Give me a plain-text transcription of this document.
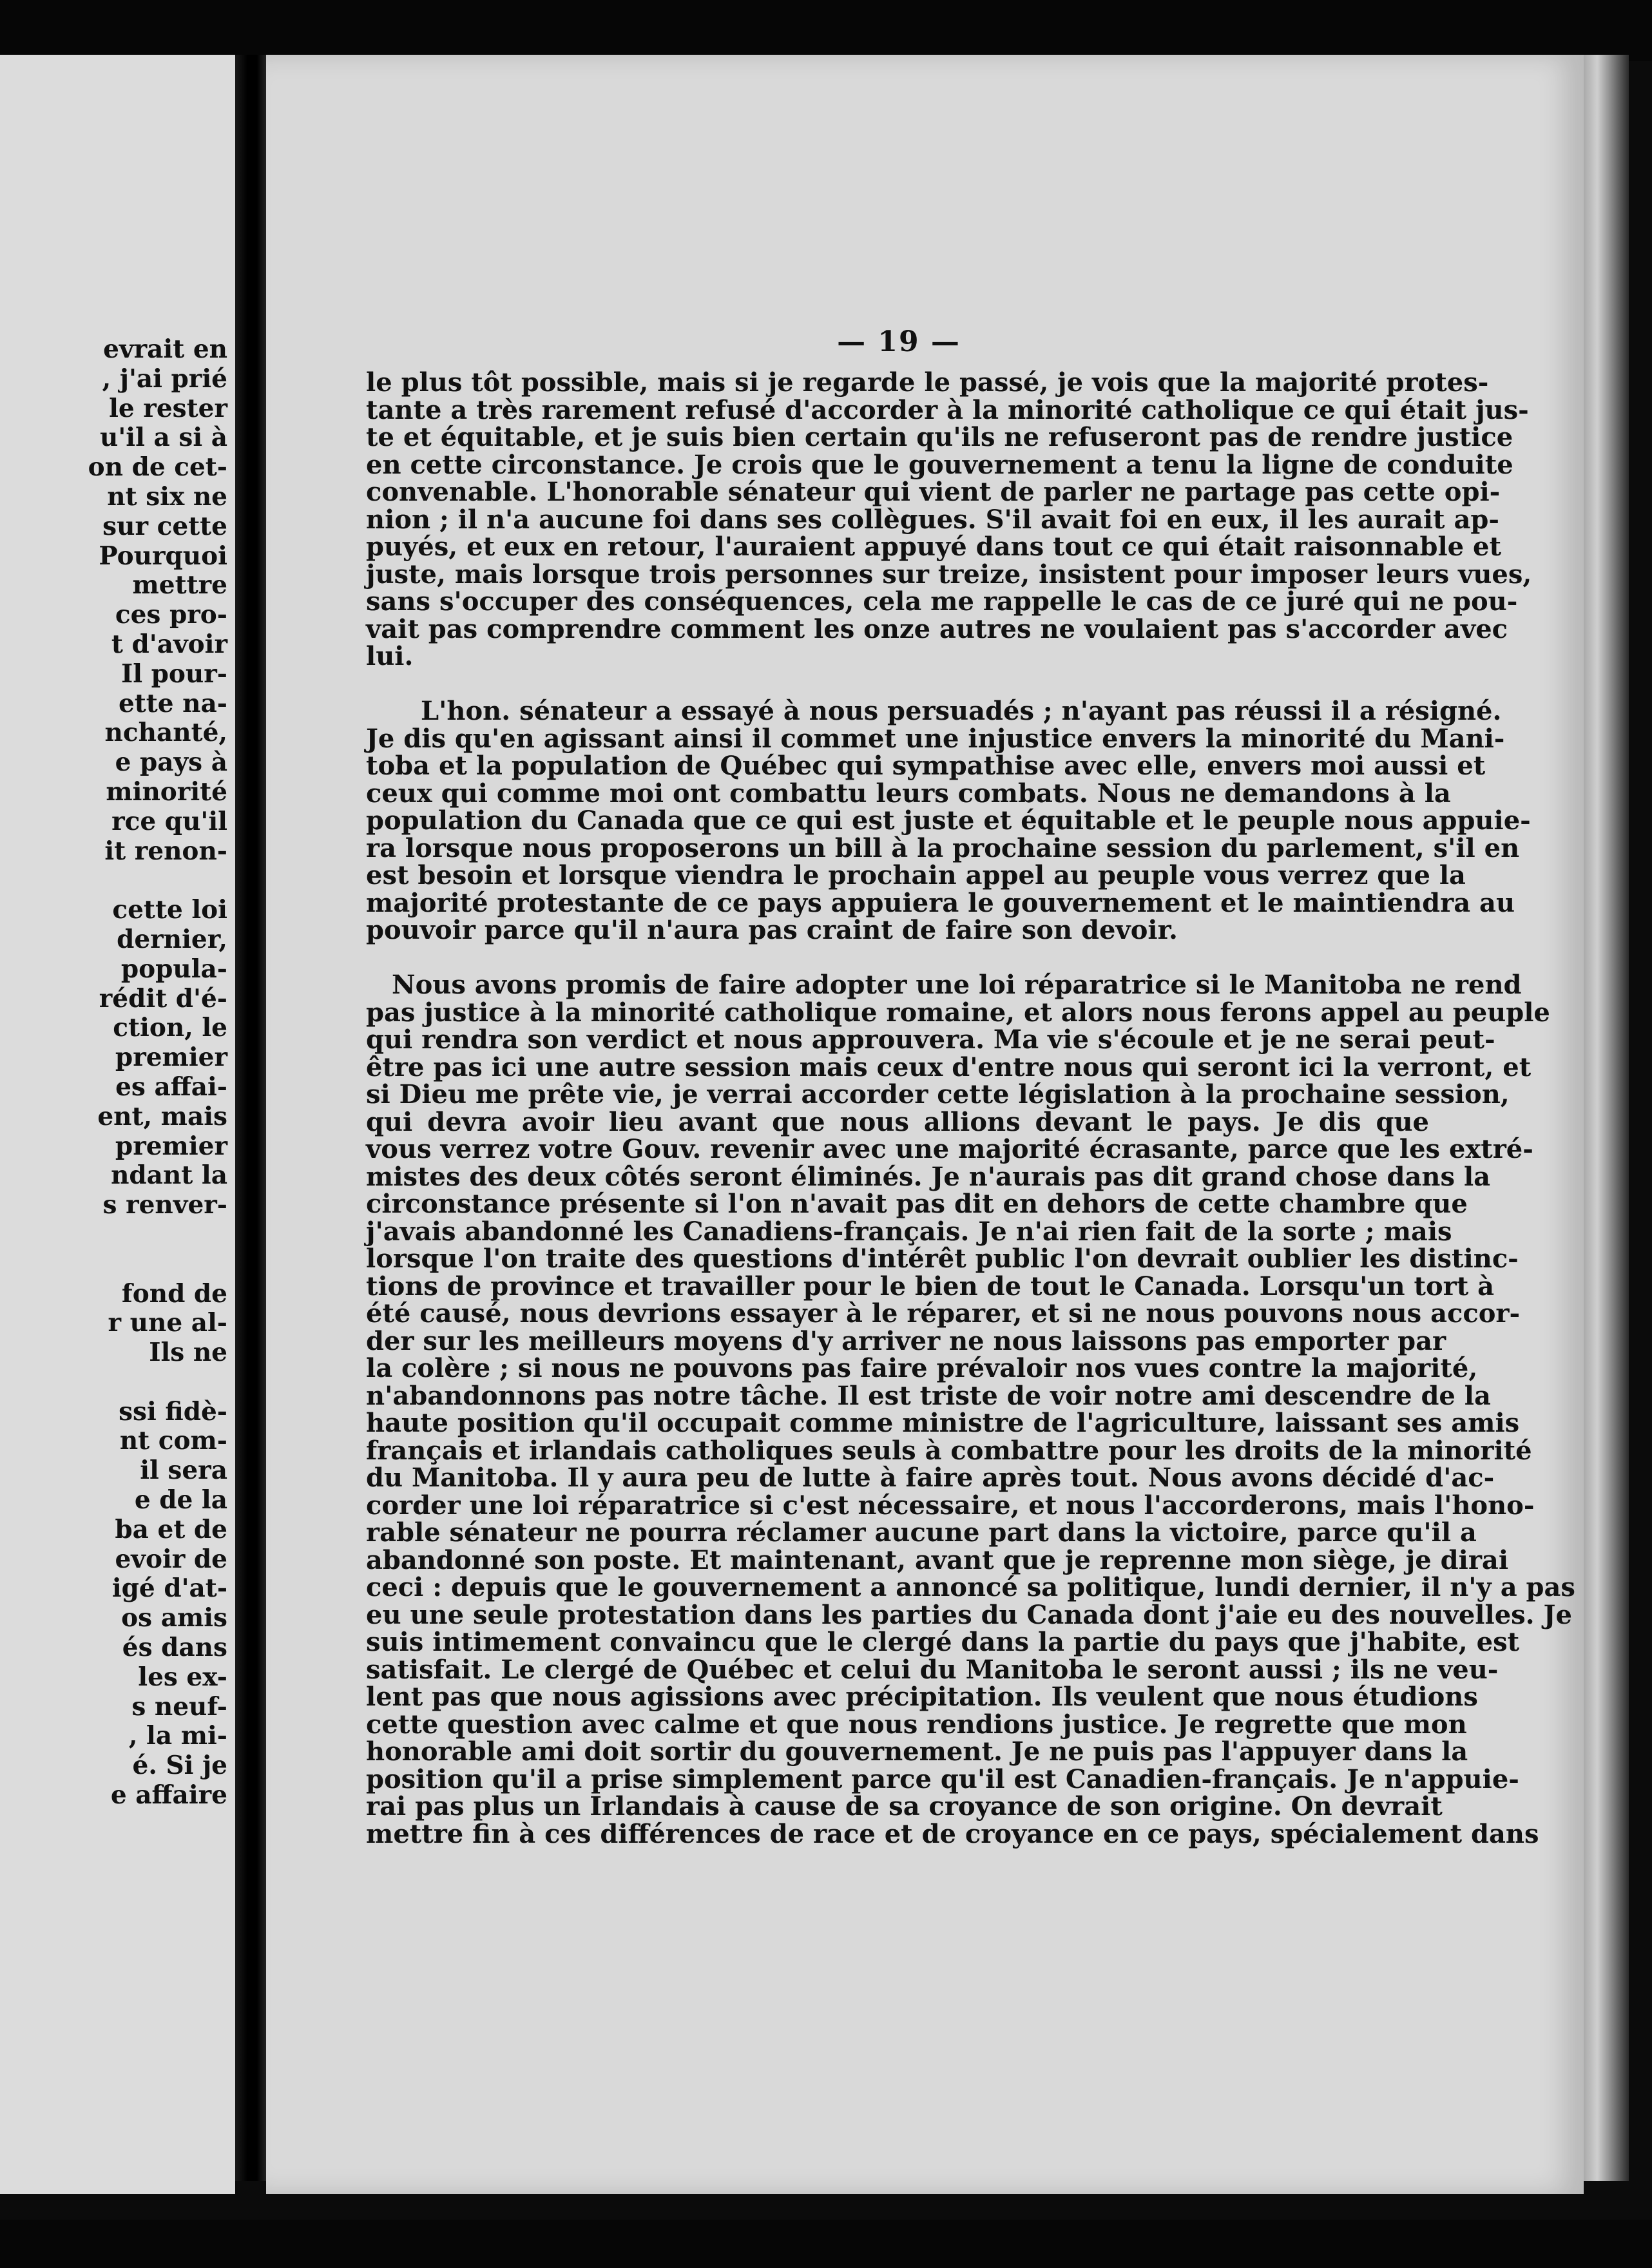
evrait en
, j'ai prié
le rester
u'il a si à
on de cet-
nt six ne
sur cette
Pourquoi
mettre
ces pro-
t d'avoir
Il pour-
ette na-
nchanté,
e pays à
minorité
rce qu'il
it renon-
cette loi
dernier,
popula-
rédit d'é-
ction, le
premier
es affai-
ent, mais
premier
ndant la
s renver-
fond de
r une al-
Ils ne
ssi fidè-
nt com-
il sera
e de la
ba et de
evoir de
igé d'at-
os amis
és dans
les ex-
s neuf-
, la mi-
é. Si je
e affaire
— 19 —
le plus tôt possible, mais si je regarde le passé, je vois que la majorité protes-
tante a très rarement refusé d'accorder à la minorité catholique ce qui était jus-
te et équitable, et je suis bien certain qu'ils ne refuseront pas de rendre justice
en cette circonstance. Je crois que le gouvernement a tenu la ligne de conduite
convenable. L'honorable sénateur qui vient de parler ne partage pas cette opi-
nion ; il n'a aucune foi dans ses collègues. S'il avait foi en eux, il les aurait ap-
puyés, et eux en retour, l'auraient appuyé dans tout ce qui était raisonnable et
juste, mais lorsque trois personnes sur treize, insistent pour imposer leurs vues,
sans s'occuper des conséquences, cela me rappelle le cas de ce juré qui ne pou-
vait pas comprendre comment les onze autres ne voulaient pas s'accorder avec
lui.
L'hon. sénateur a essayé à nous persuadés ; n'ayant pas réussi il a résigné.
Je dis qu'en agissant ainsi il commet une injustice envers la minorité du Mani-
toba et la population de Québec qui sympathise avec elle, envers moi aussi et
ceux qui comme moi ont combattu leurs combats. Nous ne demandons à la
population du Canada que ce qui est juste et équitable et le peuple nous appuie-
ra lorsque nous proposerons un bill à la prochaine session du parlement, s'il en
est besoin et lorsque viendra le prochain appel au peuple vous verrez que la
majorité protestante de ce pays appuiera le gouvernement et le maintiendra au
pouvoir parce qu'il n'aura pas craint de faire son devoir.
Nous avons promis de faire adopter une loi réparatrice si le Manitoba ne rend
pas justice à la minorité catholique romaine, et alors nous ferons appel au peuple
qui rendra son verdict et nous approuvera. Ma vie s'écoule et je ne serai peut-
être pas ici une autre session mais ceux d'entre nous qui seront ici la verront, et
si Dieu me prête vie, je verrai accorder cette législation à la prochaine session,
qui devra avoir lieu avant que nous allions devant le pays. Je dis que
vous verrez votre Gouv. revenir avec une majorité écrasante, parce que les extré-
mistes des deux côtés seront éliminés. Je n'aurais pas dit grand chose dans la
circonstance présente si l'on n'avait pas dit en dehors de cette chambre que
j'avais abandonné les Canadiens-français. Je n'ai rien fait de la sorte ; mais
lorsque l'on traite des questions d'intérêt public l'on devrait oublier les distinc-
tions de province et travailler pour le bien de tout le Canada. Lorsqu'un tort à
été causé, nous devrions essayer à le réparer, et si ne nous pouvons nous accor-
der sur les meilleurs moyens d'y arriver ne nous laissons pas emporter par
la colère ; si nous ne pouvons pas faire prévaloir nos vues contre la majorité,
n'abandonnons pas notre tâche. Il est triste de voir notre ami descendre de la
haute position qu'il occupait comme ministre de l'agriculture, laissant ses amis
français et irlandais catholiques seuls à combattre pour les droits de la minorité
du Manitoba. Il y aura peu de lutte à faire après tout. Nous avons décidé d'ac-
corder une loi réparatrice si c'est nécessaire, et nous l'accorderons, mais l'hono-
rable sénateur ne pourra réclamer aucune part dans la victoire, parce qu'il a
abandonné son poste. Et maintenant, avant que je reprenne mon siège, je dirai
ceci : depuis que le gouvernement a annoncé sa politique, lundi dernier, il n'y a pas
eu une seule protestation dans les parties du Canada dont j'aie eu des nouvelles. Je
suis intimement convaincu que le clergé dans la partie du pays que j'habite, est
satisfait. Le clergé de Québec et celui du Manitoba le seront aussi ; ils ne veu-
lent pas que nous agissions avec précipitation. Ils veulent que nous étudions
cette question avec calme et que nous rendions justice. Je regrette que mon
honorable ami doit sortir du gouvernement. Je ne puis pas l'appuyer dans la
position qu'il a prise simplement parce qu'il est Canadien-français. Je n'appuie-
rai pas plus un Irlandais à cause de sa croyance de son origine. On devrait
mettre fin à ces différences de race et de croyance en ce pays, spécialement dans
